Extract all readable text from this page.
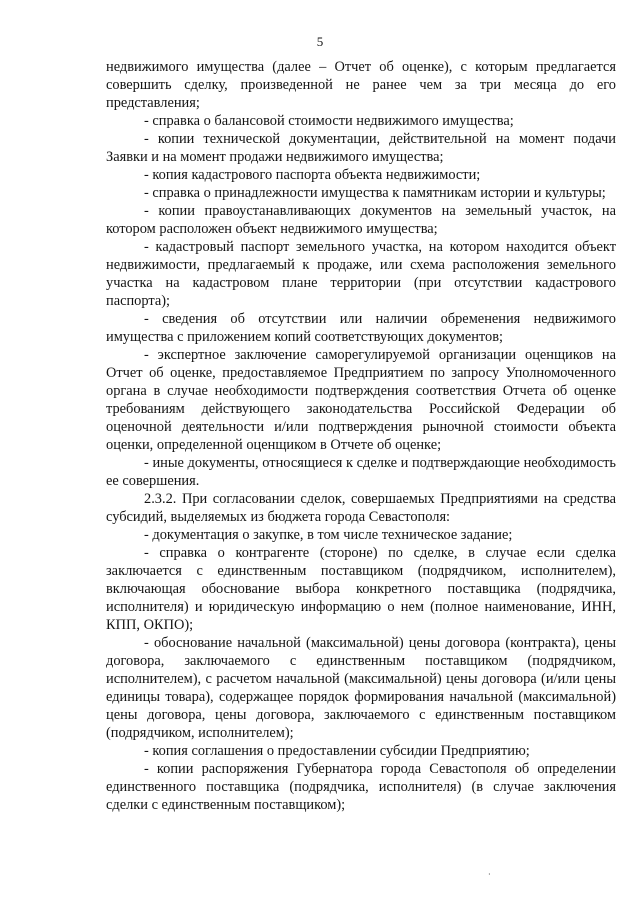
5

недвижимого имущества (далее – Отчет об оценке), с которым предлагается совершить сделку, произведенной не ранее чем за три месяца до его представления;

- справка о балансовой стоимости недвижимого имущества;

- копии технической документации, действительной на момент подачи Заявки и на момент продажи недвижимого имущества;

- копия кадастрового паспорта объекта недвижимости;

- справка о принадлежности имущества к памятникам истории и культуры;

- копии правоустанавливающих документов на земельный участок, на котором расположен объект недвижимого имущества;

- кадастровый паспорт земельного участка, на котором находится объект недвижимости, предлагаемый к продаже, или схема расположения земельного участка на кадастровом плане территории (при отсутствии кадастрового паспорта);

- сведения об отсутствии или наличии обременения недвижимого имущества с приложением копий соответствующих документов;

- экспертное заключение саморегулируемой организации оценщиков на Отчет об оценке, предоставляемое Предприятием по запросу Уполномоченного органа в случае необходимости подтверждения соответствия Отчета об оценке требованиям действующего законодательства Российской Федерации об оценочной деятельности и/или подтверждения рыночной стоимости объекта оценки, определенной оценщиком в Отчете об оценке;

- иные документы, относящиеся к сделке и подтверждающие необходимость ее совершения.

2.3.2. При согласовании сделок, совершаемых Предприятиями на средства субсидий, выделяемых из бюджета города Севастополя:

- документация о закупке, в том числе техническое задание;

- справка о контрагенте (стороне) по сделке, в случае если сделка заключается с единственным поставщиком (подрядчиком, исполнителем), включающая обоснование выбора конкретного поставщика (подрядчика, исполнителя) и юридическую информацию о нем (полное наименование, ИНН, КПП, ОКПО);

- обоснование начальной (максимальной) цены договора (контракта), цены договора, заключаемого с единственным поставщиком (подрядчиком, исполнителем), с расчетом начальной (максимальной) цены договора (и/или цены единицы товара), содержащее порядок формирования начальной (максимальной) цены договора, цены договора, заключаемого с единственным поставщиком (подрядчиком, исполнителем);

- копия соглашения о предоставлении субсидии Предприятию;

- копии распоряжения Губернатора города Севастополя об определении единственного поставщика (подрядчика, исполнителя) (в случае заключения сделки с единственным поставщиком);

·
